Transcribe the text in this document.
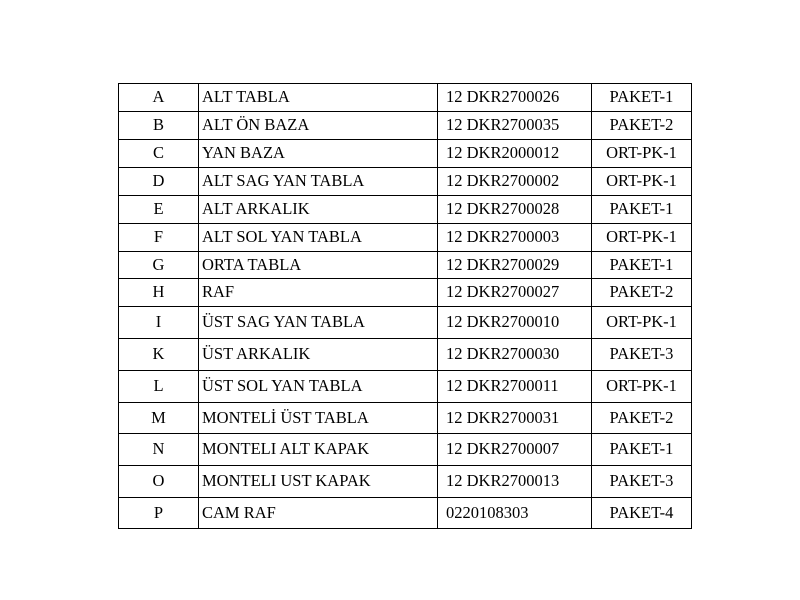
A	ALT TABLA	12 DKR2700026	PAKET-1
B	ALT ÖN BAZA	12 DKR2700035	PAKET-2
C	YAN BAZA	12 DKR2000012	ORT-PK-1
D	ALT SAG YAN TABLA	12 DKR2700002	ORT-PK-1
E	ALT ARKALIK	12 DKR2700028	PAKET-1
F	ALT SOL YAN TABLA	12 DKR2700003	ORT-PK-1
G	ORTA TABLA	12 DKR2700029	PAKET-1
H	RAF	12 DKR2700027	PAKET-2
I	ÜST SAG YAN TABLA	12 DKR2700010	ORT-PK-1
K	ÜST ARKALIK	12 DKR2700030	PAKET-3
L	ÜST SOL YAN TABLA	12 DKR2700011	ORT-PK-1
M	MONTELİ ÜST TABLA	12 DKR2700031	PAKET-2
N	MONTELI ALT KAPAK	12 DKR2700007	PAKET-1
O	MONTELI UST KAPAK	12 DKR2700013	PAKET-3
P	CAM RAF	0220108303	PAKET-4
